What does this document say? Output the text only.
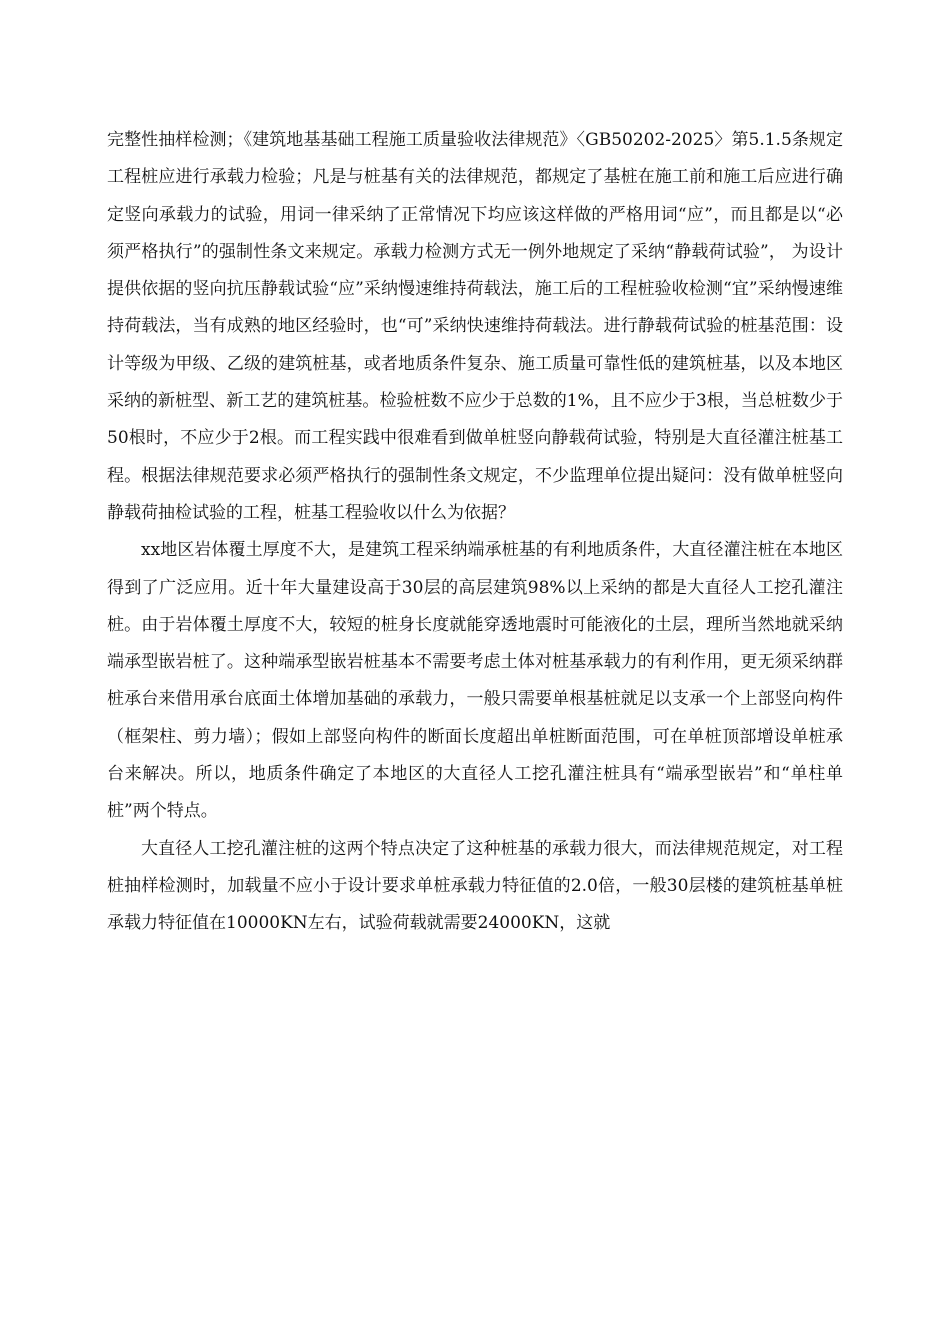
完整性抽样检测；《建筑地基基础工程施工质量验收法律规范》〈GB50202-2025〉第5.1.5条规定工程桩应进行承载力检验；凡是与桩基有关的法律规范，都规定了基桩在施工前和施工后应进行确定竖向承载力的试验，用词一律采纳了正常情况下均应该这样做的严格用词“应”，而且都是以“必须严格执行”的强制性条文来规定。承载力检测方式无一例外地规定了采纳“静载荷试验”， 为设计提供依据的竖向抗压静载试验“应”采纳慢速维持荷载法，施工后的工程桩验收检测“宜”采纳慢速维持荷载法，当有成熟的地区经验时，也“可”采纳快速维持荷载法。进行静载荷试验的桩基范围：设计等级为甲级、乙级的建筑桩基，或者地质条件复杂、施工质量可靠性低的建筑桩基，以及本地区采纳的新桩型、新工艺的建筑桩基。检验桩数不应少于总数的1%，且不应少于3根，当总桩数少于50根时，不应少于2根。而工程实践中很难看到做单桩竖向静载荷试验，特别是大直径灌注桩基工程。根据法律规范要求必须严格执行的强制性条文规定，不少监理单位提出疑问：没有做单桩竖向静载荷抽检试验的工程，桩基工程验收以什么为依据？

xx地区岩体覆土厚度不大，是建筑工程采纳端承桩基的有利地质条件，大直径灌注桩在本地区得到了广泛应用。近十年大量建设高于30层的高层建筑98%以上采纳的都是大直径人工挖孔灌注桩。由于岩体覆土厚度不大，较短的桩身长度就能穿透地震时可能液化的土层，理所当然地就采纳端承型嵌岩桩了。这种端承型嵌岩桩基本不需要考虑土体对桩基承载力的有利作用，更无须采纳群桩承台来借用承台底面土体增加基础的承载力，一般只需要单根基桩就足以支承一个上部竖向构件（框架柱、剪力墙）；假如上部竖向构件的断面长度超出单桩断面范围，可在单桩顶部增设单桩承台来解决。所以，地质条件确定了本地区的大直径人工挖孔灌注桩具有“端承型嵌岩”和“单柱单桩”两个特点。

大直径人工挖孔灌注桩的这两个特点决定了这种桩基的承载力很大，而法律规范规定，对工程桩抽样检测时，加载量不应小于设计要求单桩承载力特征值的2.0倍，一般30层楼的建筑桩基单桩承载力特征值在10000KN左右，试验荷载就需要24000KN，这就
